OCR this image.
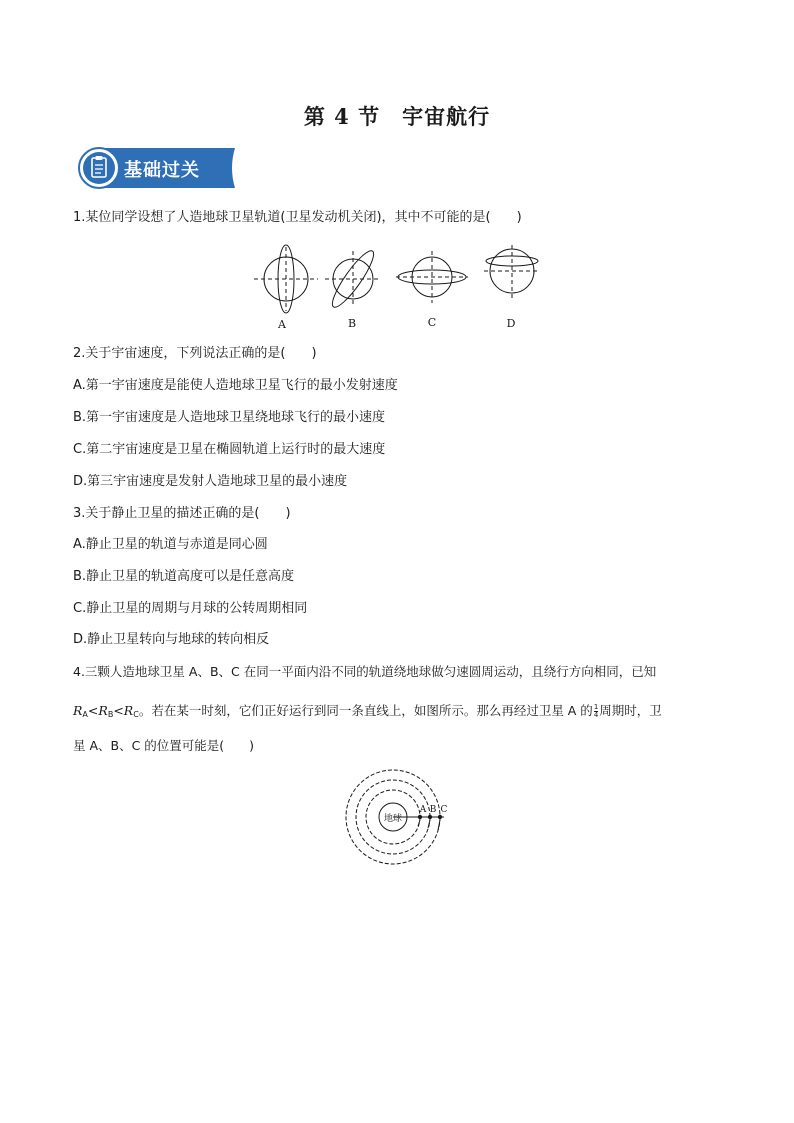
第 4 节　宇宙航行
基础过关
1.某位同学设想了人造地球卫星轨道(卫星发动机关闭)，其中不可能的是(　　)
A	B	C	D
2.关于宇宙速度，下列说法正确的是(　　)
A.第一宇宙速度是能使人造地球卫星飞行的最小发射速度
B.第一宇宙速度是人造地球卫星绕地球飞行的最小速度
C.第二宇宙速度是卫星在椭圆轨道上运行时的最大速度
D.第三宇宙速度是发射人造地球卫星的最小速度
3.关于静止卫星的描述正确的是(　　)
A.静止卫星的轨道与赤道是同心圆
B.静止卫星的轨道高度可以是任意高度
C.静止卫星的周期与月球的公转周期相同
D.静止卫星转向与地球的转向相反
4.三颗人造地球卫星 A、B、C 在同一平面内沿不同的轨道绕地球做匀速圆周运动，且绕行方向相同，已知
$R_A<R_B<R_C$。若在某一时刻，它们正好运行到同一条直线上，如图所示。那么再经过卫星 A 的 $\frac{1}{4}$ 周期时，卫
星 A、B、C 的位置可能是(　　)
地球
A B C
